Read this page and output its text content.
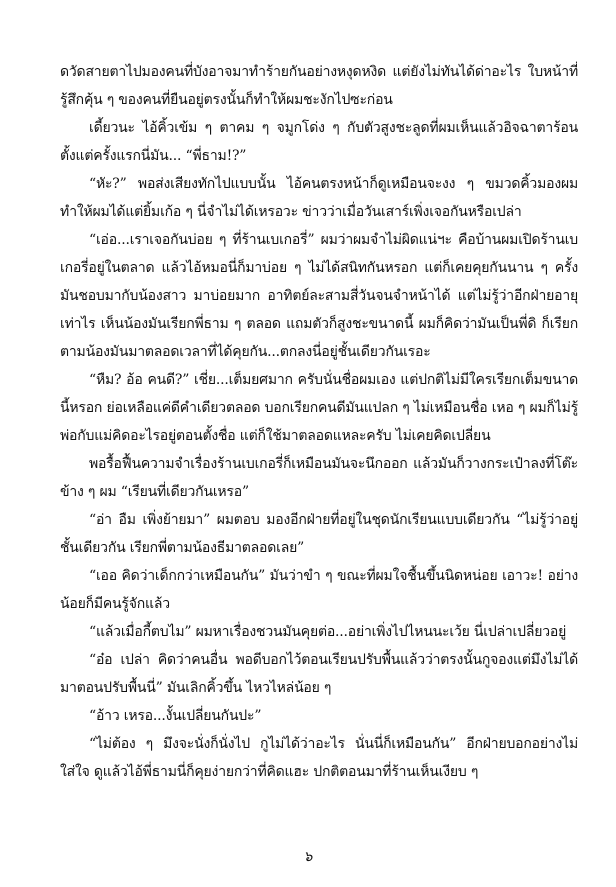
ดวัดสายตาไปมองคนที่บังอาจมาทำร้ายกันอย่างหงุดหงิด แต่ยังไม่ทันได้ด่าอะไร ใบหน้าที่รู้สึกคุ้น ๆ ของคนที่ยืนอยู่ตรงนั้นก็ทำให้ผมชะงักไปซะก่อน

เดี้ยวนะ ไอ้คิ้วเข้ม ๆ ตาคม ๆ จมูกโด่ง ๆ กับตัวสูงชะลูดที่ผมเห็นแล้วอิจฉาตาร้อนตั้งแต่ครั้งแรกนี่มัน... “พี่ธาม!?”

“หัะ?” พอส่งเสียงทักไปแบบนั้น ไอ้คนตรงหน้าก็ดูเหมือนจะงง ๆ ขมวดคิ้วมองผม ทำให้ผมได้แต่ยิ้มเก้อ ๆ นี่จำไม่ได้เหรอวะ ข่าวว่าเมื่อวันเสาร์เพิ่งเจอกันหรือเปล่า

“เอ่อ...เราเจอกันบ่อย ๆ ที่ร้านเบเกอรี่” ผมว่าผมจำไม่ผิดแน่ฯะ คือบ้านผมเปิดร้านเบเกอรี่อยู่ในตลาด แล้วไอ้หมอนี่ก็มาบ่อย ๆ ไม่ได้สนิทกันหรอก แต่ก็เคยคุยกันนาน ๆ ครั้ง มันชอบมากับน้องสาว มาบ่อยมาก อาทิตย์ละสามสี่วันจนจำหน้าได้ แต่ไม่รู้ว่าอีกฝ่ายอายุเท่าไร เห็นน้องมันเรียกพี่ธาม ๆ ตลอด แถมตัวก็สูงชะขนาดนี้ ผมก็คิดว่ามันเป็นพี่ดิ ก็เรียกตามน้องมันมาตลอดเวลาที่ได้คุยกัน...ตกลงนี่อยู่ชั้นเดียวกันเรอะ

“หืม? อ้อ คนดี?” เชี่ย...เต็มยศมาก ครับนั่นชื่อผมเอง แต่ปกติไม่มีใครเรียกเต็มขนาดนี้หรอก ย่อเหลือแค่ดีคำเดียวตลอด บอกเรียกคนดีมันแปลก ๆ ไม่เหมือนชื่อ เหอ ๆ ผมก็ไม่รู้พ่อกับแม่คิดอะไรอยู่ตอนตั้งชื่อ แต่ก็ใช้มาตลอดแหละครับ ไม่เคยคิดเปลี่ยน

พอรื้อฟื้นความจำเรื่องร้านเบเกอรี่ก็เหมือนมันจะนึกออก แล้วมันก็วางกระเป๋าลงที่โต๊ะข้าง ๆ ผม “เรียนที่เดียวกันเหรอ”

“อ่า อืม เพิ่งย้ายมา” ผมตอบ มองอีกฝ่ายที่อยู่ในชุดนักเรียนแบบเดียวกัน “ไม่รู้ว่าอยู่ชั้นเดียวกัน เรียกพี่ตามน้องธีมาตลอดเลย”

“เออ คิดว่าเด็กกว่าเหมือนกัน” มันว่าขำ ๆ ขณะที่ผมใจชื้นขึ้นนิดหน่อย เอาวะ! อย่างน้อยก็มีคนรู้จักแล้ว

“แล้วเมื่อกี้ตบไม” ผมหาเรื่องชวนมันคุยต่อ...อย่าเพิ่งไปไหนนะเว้ย นี่เปล่าเปลี่ยวอยู่

“อ๋อ เปล่า คิดว่าคนอื่น พอดีบอกไว้ตอนเรียนปรับพื้นแล้วว่าตรงนั้นกูจองแต่มึงไม่ได้มาตอนปรับพื้นนี่” มันเลิกคิ้วขึ้น ไหวไหล่น้อย ๆ

“อ้าว เหรอ...งั้นเปลี่ยนกันปะ”

“ไม่ต้อง ๆ มึงจะนั่งก็นั่งไป กูไม่ได้ว่าอะไร นั่นนี่ก็เหมือนกัน” อีกฝ่ายบอกอย่างไม่ใส่ใจ ดูแล้วไอ้พี่ธามนี่ก็คุยง่ายกว่าที่คิดแฮะ ปกติตอนมาที่ร้านเห็นเงียบ ๆ

๖
